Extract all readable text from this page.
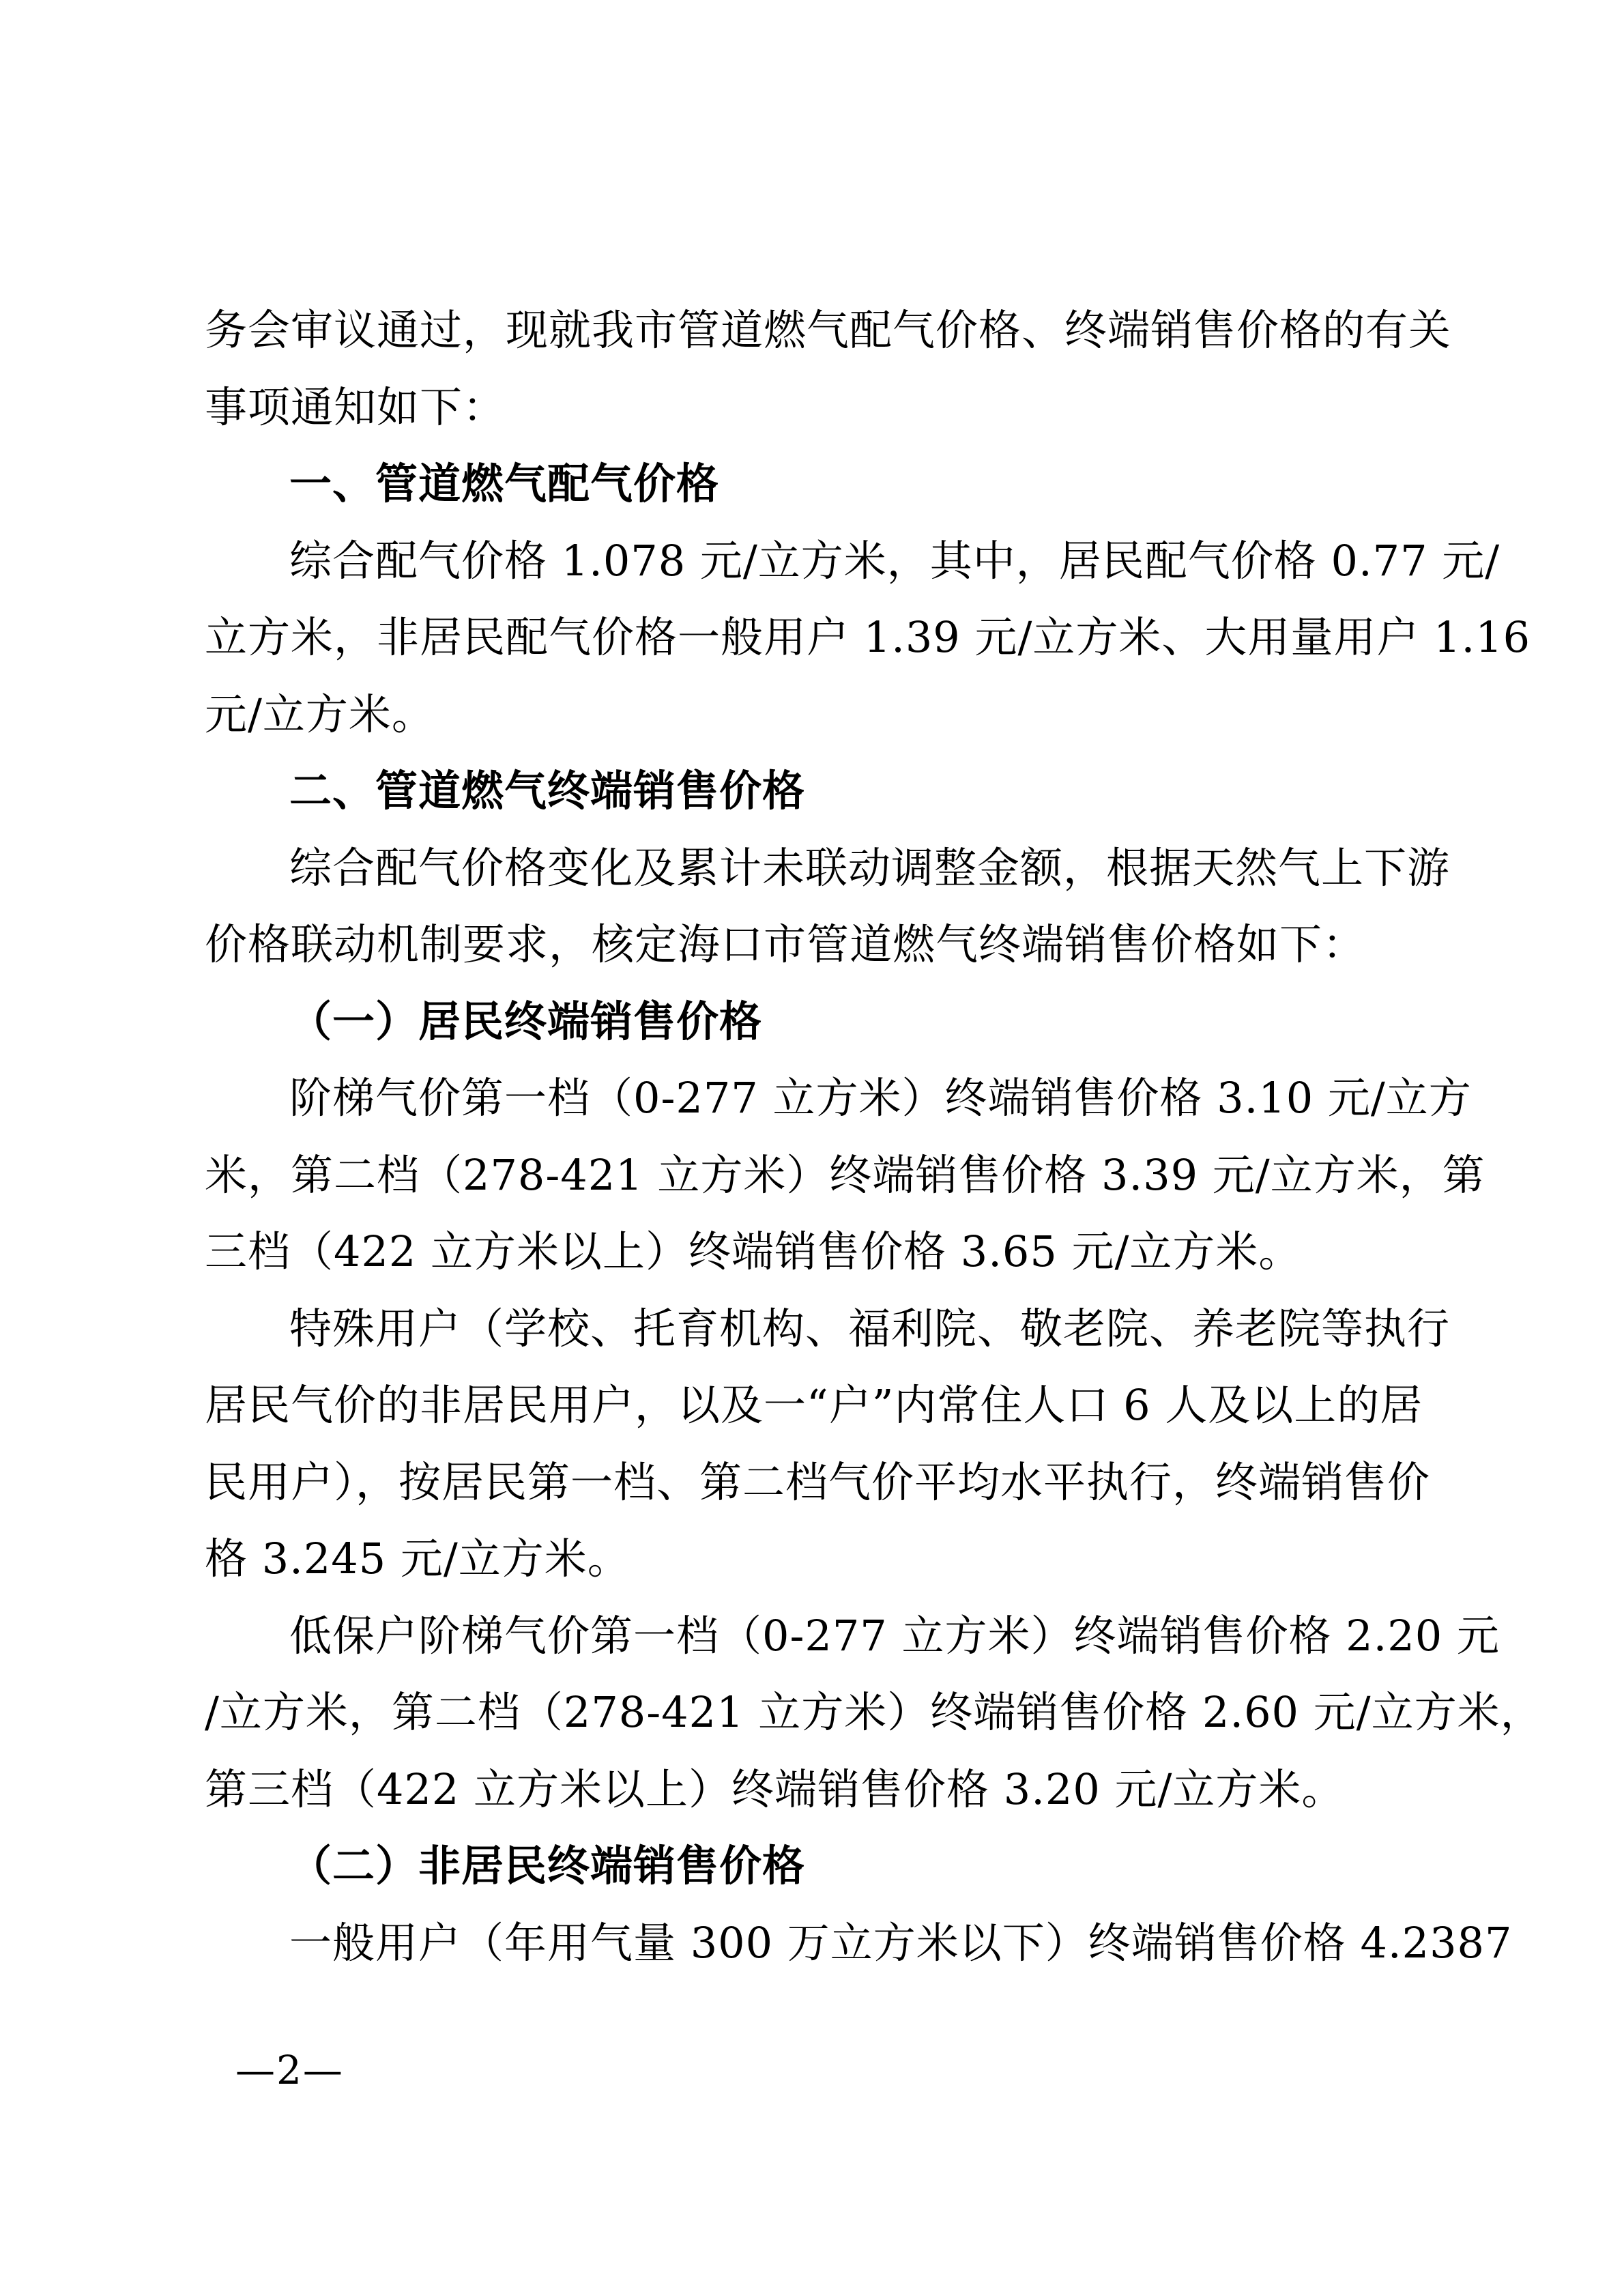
务会审议通过，现就我市管道燃气配气价格、终端销售价格的有关
事项通知如下：
一、管道燃气配气价格
综合配气价格 1.078 元/立方米，其中，居民配气价格 0.77 元/
立方米，非居民配气价格一般用户 1.39 元/立方米、大用量用户 1.16
元/立方米。
二、管道燃气终端销售价格
综合配气价格变化及累计未联动调整金额，根据天然气上下游
价格联动机制要求，核定海口市管道燃气终端销售价格如下：
（一）居民终端销售价格
阶梯气价第一档（0-277 立方米）终端销售价格 3.10 元/立方
米，第二档（278-421 立方米）终端销售价格 3.39 元/立方米，第
三档（422 立方米以上）终端销售价格 3.65 元/立方米。
特殊用户（学校、托育机构、福利院、敬老院、养老院等执行
居民气价的非居民用户，以及一“户”内常住人口 6 人及以上的居
民用户），按居民第一档、第二档气价平均水平执行，终端销售价
格 3.245 元/立方米。
低保户阶梯气价第一档（0-277 立方米）终端销售价格 2.20 元
/立方米，第二档（278-421 立方米）终端销售价格 2.60 元/立方米，
第三档（422 立方米以上）终端销售价格 3.20 元/立方米。
（二）非居民终端销售价格
一般用户（年用气量 300 万立方米以下）终端销售价格 4.2387
—2—
